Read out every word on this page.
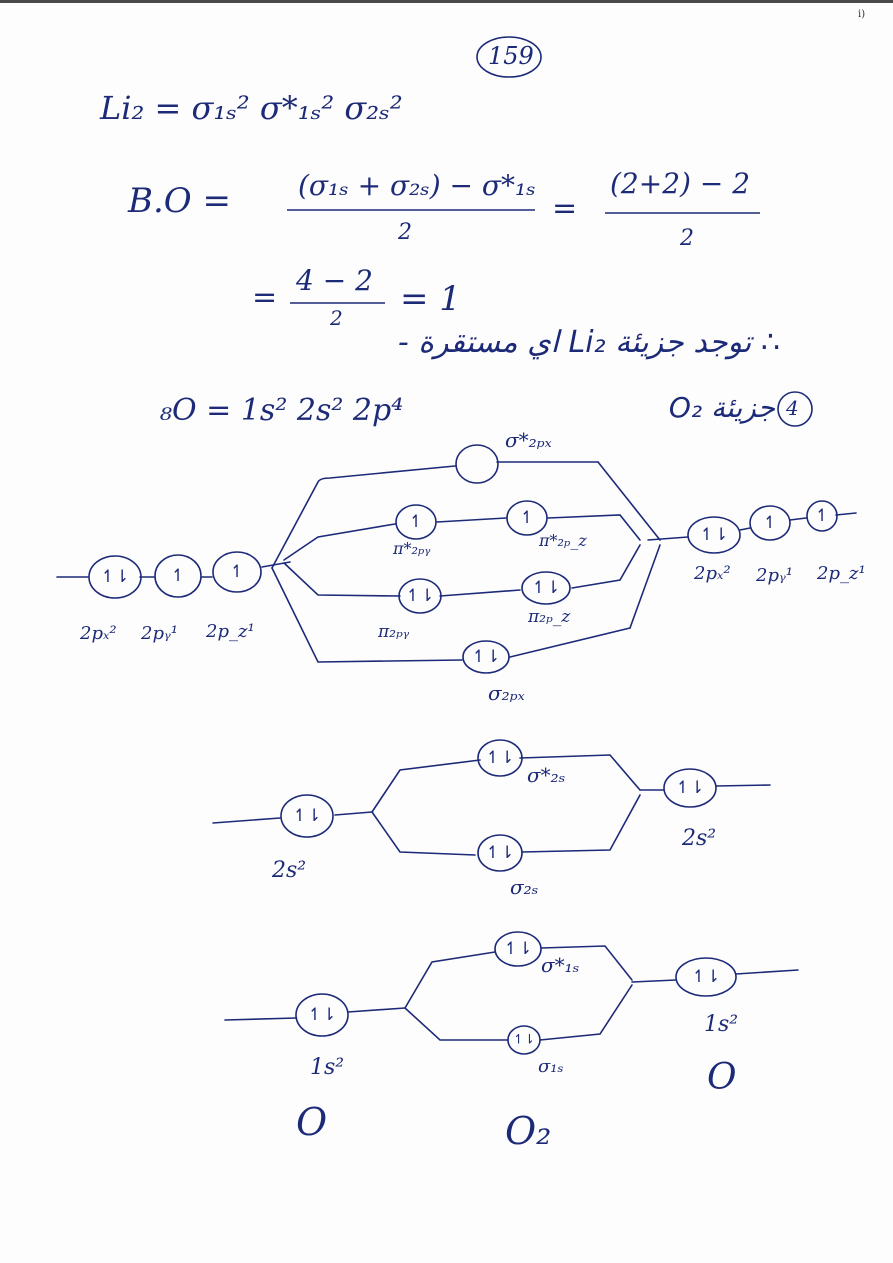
i)
↿⇂ ↿	↿
↿	↿
↿⇂	↿⇂
↿⇂
↿⇂
↿ ↿
↿⇂
↿⇂
↿⇂
↿⇂
↿⇂
↿⇂
↿⇂
↿⇂
159
Li₂ = σ₁ₛ² σ*₁ₛ² σ₂ₛ²
B.O = (σ₁ₛ + σ₂ₛ) − σ*₁ₛ
2
=
(2+2) − 2
2
= 4 − 2
2 = 1
∴ توجد جزيئة Li₂ اي مستقرة -
₈O = 1s² 2s² 2p⁴	جزيئة O₂ 4
σ*₂ₚₓ
π*₂ₚᵧ	π*₂ₚ_z
π₂ₚᵧ
π₂ₚ_z
σ₂ₚₓ
2pₓ² 2pᵧ¹ 2p_z¹
2pₓ² 2pᵧ¹ 2p_z¹
σ*₂ₛ
σ₂ₛ
2s²
2s²
σ*₁ₛ
σ₁ₛ
1s²
1s²
O
O
O₂
